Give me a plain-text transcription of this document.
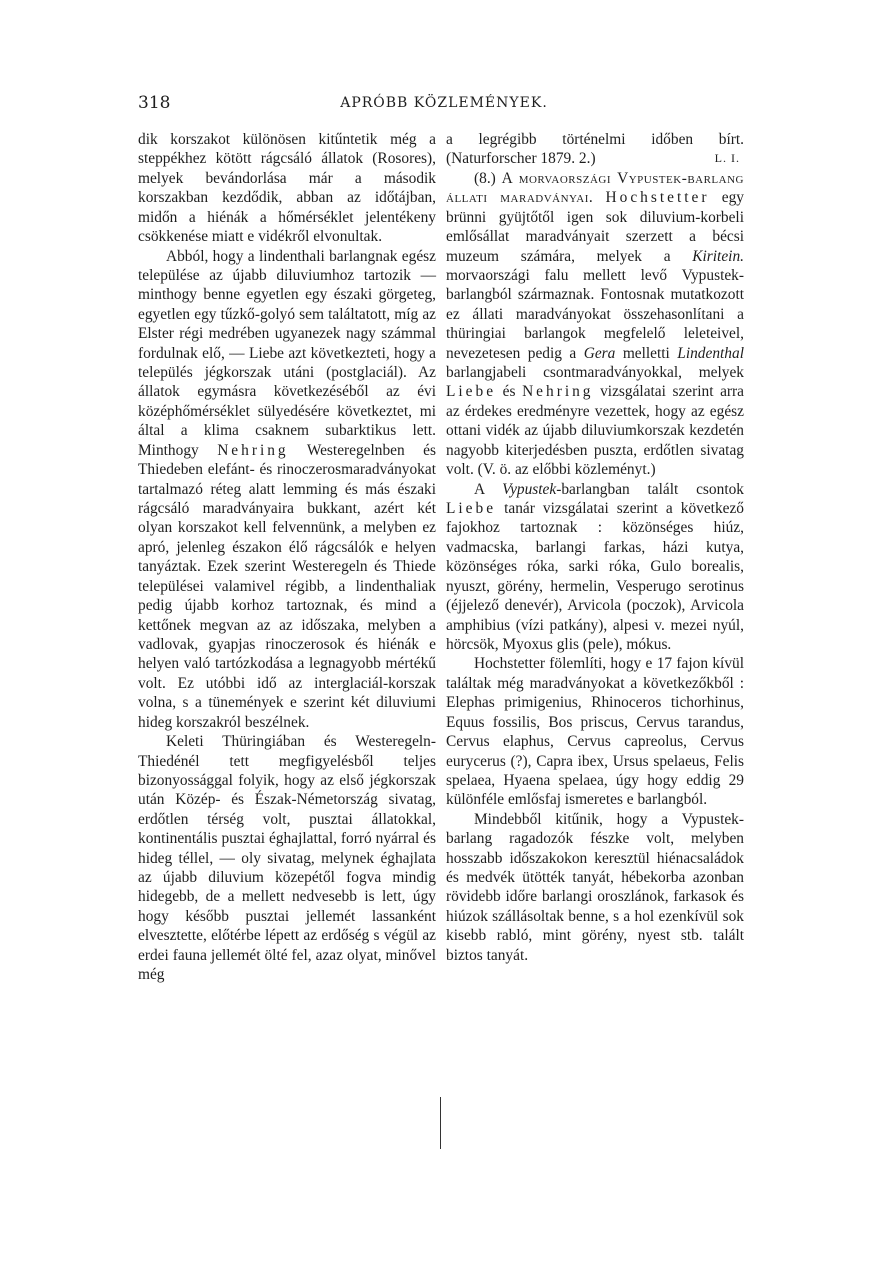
318	APRÓBB KÖZLEMÉNYEK.

dik korszakot különösen kitűntetik még a steppékhez kötött rágcsáló állatok (Rosores), melyek bevándorlása már a második korszakban kezdődik, abban az időtájban, midőn a hiénák a hőmérséklet jelentékeny csökkenése miatt e vidékről elvonultak.

Abból, hogy a lindenthali barlangnak egész települése az újabb diluviumhoz tartozik — minthogy benne egyetlen egy északi görgeteg, egyetlen egy tűzkő-golyó sem találtatott, míg az Elster régi medrében ugyanezek nagy számmal fordulnak elő, — Liebe azt következteti, hogy a település jégkorszak utáni (postglaciál). Az állatok egymásra következéséből az évi középhőmérséklet sülyedésére következtet, mi által a klima csaknem subarktikus lett. Minthogy Nehring Westeregelnben és Thiedeben elefánt- és rinoczerosmaradványokat tartalmazó réteg alatt lemming és más északi rágcsáló maradványaira bukkant, azért két olyan korszakot kell felvennünk, a melyben ez apró, jelenleg északon élő rágcsálók e helyen tanyáztak. Ezek szerint Westeregeln és Thiede települései valamivel régibb, a lindenthaliak pedig újabb korhoz tartoznak, és mind a kettőnek megvan az az időszaka, melyben a vadlovak, gyapjas rinoczerosok és hiénák e helyen való tartózkodása a legnagyobb mértékű volt. Ez utóbbi idő az interglaciál-korszak volna, s a tünemények e szerint két diluviumi hideg korszakról beszélnek.

Keleti Thüringiában és Westeregeln-Thiedénél tett megfigyelésből teljes bizonyossággal folyik, hogy az első jégkorszak után Közép- és Észak-Németország sivatag, erdőtlen térség volt, pusztai állatokkal, kontinentális pusztai éghajlattal, forró nyárral és hideg téllel, — oly sivatag, melynek éghajlata az újabb diluvium közepétől fogva mindig hidegebb, de a mellett nedvesebb is lett, úgy hogy később pusztai jellemét lassanként elvesztette, előtérbe lépett az erdőség s végül az erdei fauna jellemét ölté fel, azaz olyat, minővel még

a legrégibb történelmi időben bírt. (Naturforscher 1879. 2.)	L. I.

(8.) A morvaországi Vypustek-barlang állati maradványai. Hochstetter egy brünni gyüjtőtől igen sok diluvium-korbeli emlősállat maradványait szerzett a bécsi muzeum számára, melyek a Kiritein. morvaországi falu mellett levő Vypustek-barlangból származnak. Fontosnak mutatkozott ez állati maradványokat összehasonlítani a thüringiai barlangok megfelelő leleteivel, nevezetesen pedig a Gera melletti Lindenthal barlangjabeli csontmaradványokkal, melyek Liebe és Nehring vizsgálatai szerint arra az érdekes eredményre vezettek, hogy az egész ottani vidék az újabb diluviumkorszak kezdetén nagyobb kiterjedésben puszta, erdőtlen sivatag volt. (V. ö. az előbbi közleményt.)

A Vypustek-barlangban talált csontok Liebe tanár vizsgálatai szerint a következő fajokhoz tartoznak : közönséges hiúz, vadmacska, barlangi farkas, házi kutya, közönséges róka, sarki róka, Gulo borealis, nyuszt, görény, hermelin, Vesperugo serotinus (éjjelező denevér), Arvicola (poczok), Arvicola amphibius (vízi patkány), alpesi v. mezei nyúl, hörcsök, Myoxus glis (pele), mókus.

Hochstetter fölemlíti, hogy e 17 fajon kívül találtak még maradványokat a következőkből : Elephas primigenius, Rhinoceros tichorhinus, Equus fossilis, Bos priscus, Cervus tarandus, Cervus elaphus, Cervus capreolus, Cervus eurycerus (?), Capra ibex, Ursus spelaeus, Felis spelaea, Hyaena spelaea, úgy hogy eddig 29 különféle emlősfaj ismeretes e barlangból.

Mindebből kitűnik, hogy a Vypustek-barlang ragadozók fészke volt, melyben hosszabb időszakokon keresztül hiénacsaládok és medvék ütötték tanyát, hébekorba azonban rövidebb időre barlangi oroszlánok, farkasok és hiúzok szállásoltak benne, s a hol ezenkívül sok kisebb rabló, mint görény, nyest stb. talált biztos tanyát.
